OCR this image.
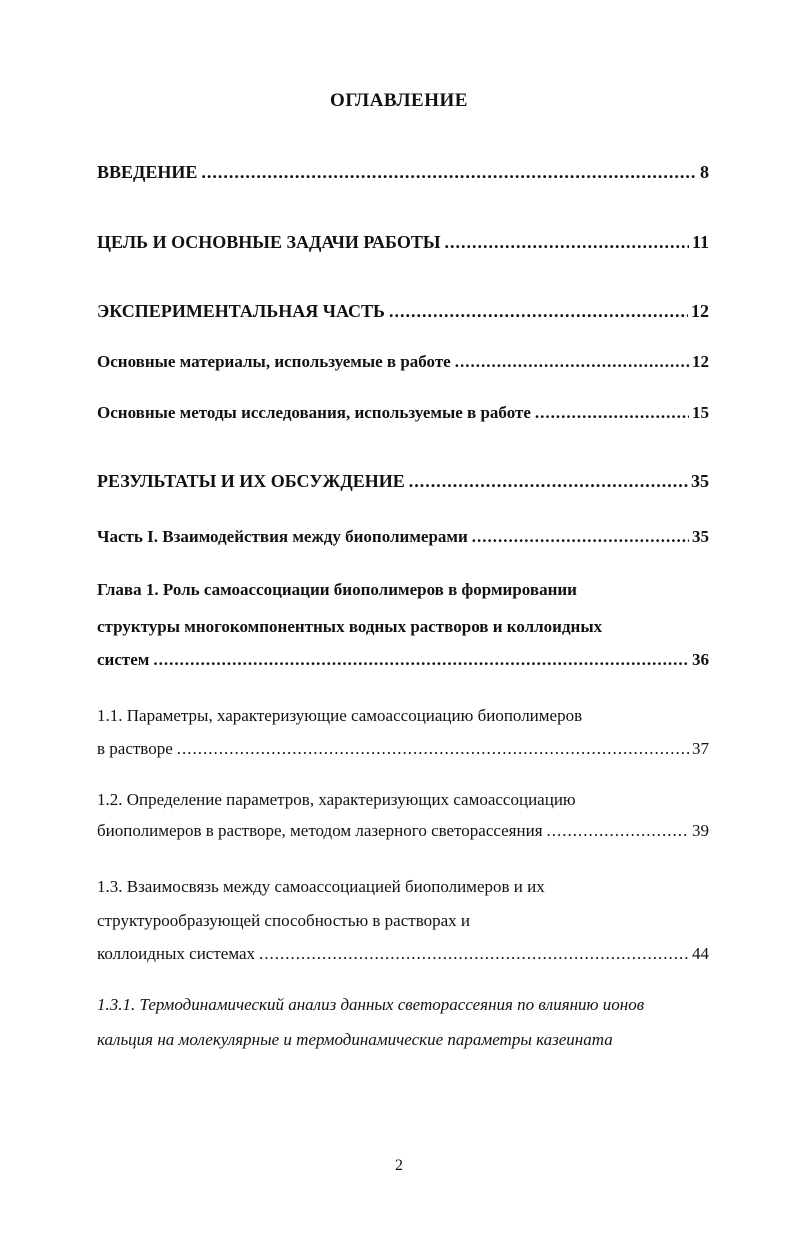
ОГЛАВЛЕНИЕ
ВВЕДЕНИЕ .....	8
ЦЕЛЬ И ОСНОВНЫЕ ЗАДАЧИ РАБОТЫ .....	11
ЭКСПЕРИМЕНТАЛЬНАЯ ЧАСТЬ .....	12
Основные материалы, используемые в работе .....	12
Основные методы исследования, используемые в работе .....	15
РЕЗУЛЬТАТЫ И ИХ ОБСУЖДЕНИЕ .....	35
Часть I. Взаимодействия между биополимерами .....	35
Глава 1. Роль самоассоциации биополимеров в формировании
структуры многокомпонентных водных растворов и коллоидных
систем .....	36
1.1. Параметры, характеризующие самоассоциацию биополимеров
в растворе .....	37
1.2. Определение параметров, характеризующих самоассоциацию
биополимеров в растворе, методом лазерного светорассеяния .....	39
1.3. Взаимосвязь между самоассоциацией биополимеров и их
структурообразующей способностью в растворах и
коллоидных системах .....	44
1.3.1. Термодинамический анализ данных светорассеяния по влиянию ионов
кальция на молекулярные и термодинамические параметры казеината
2
